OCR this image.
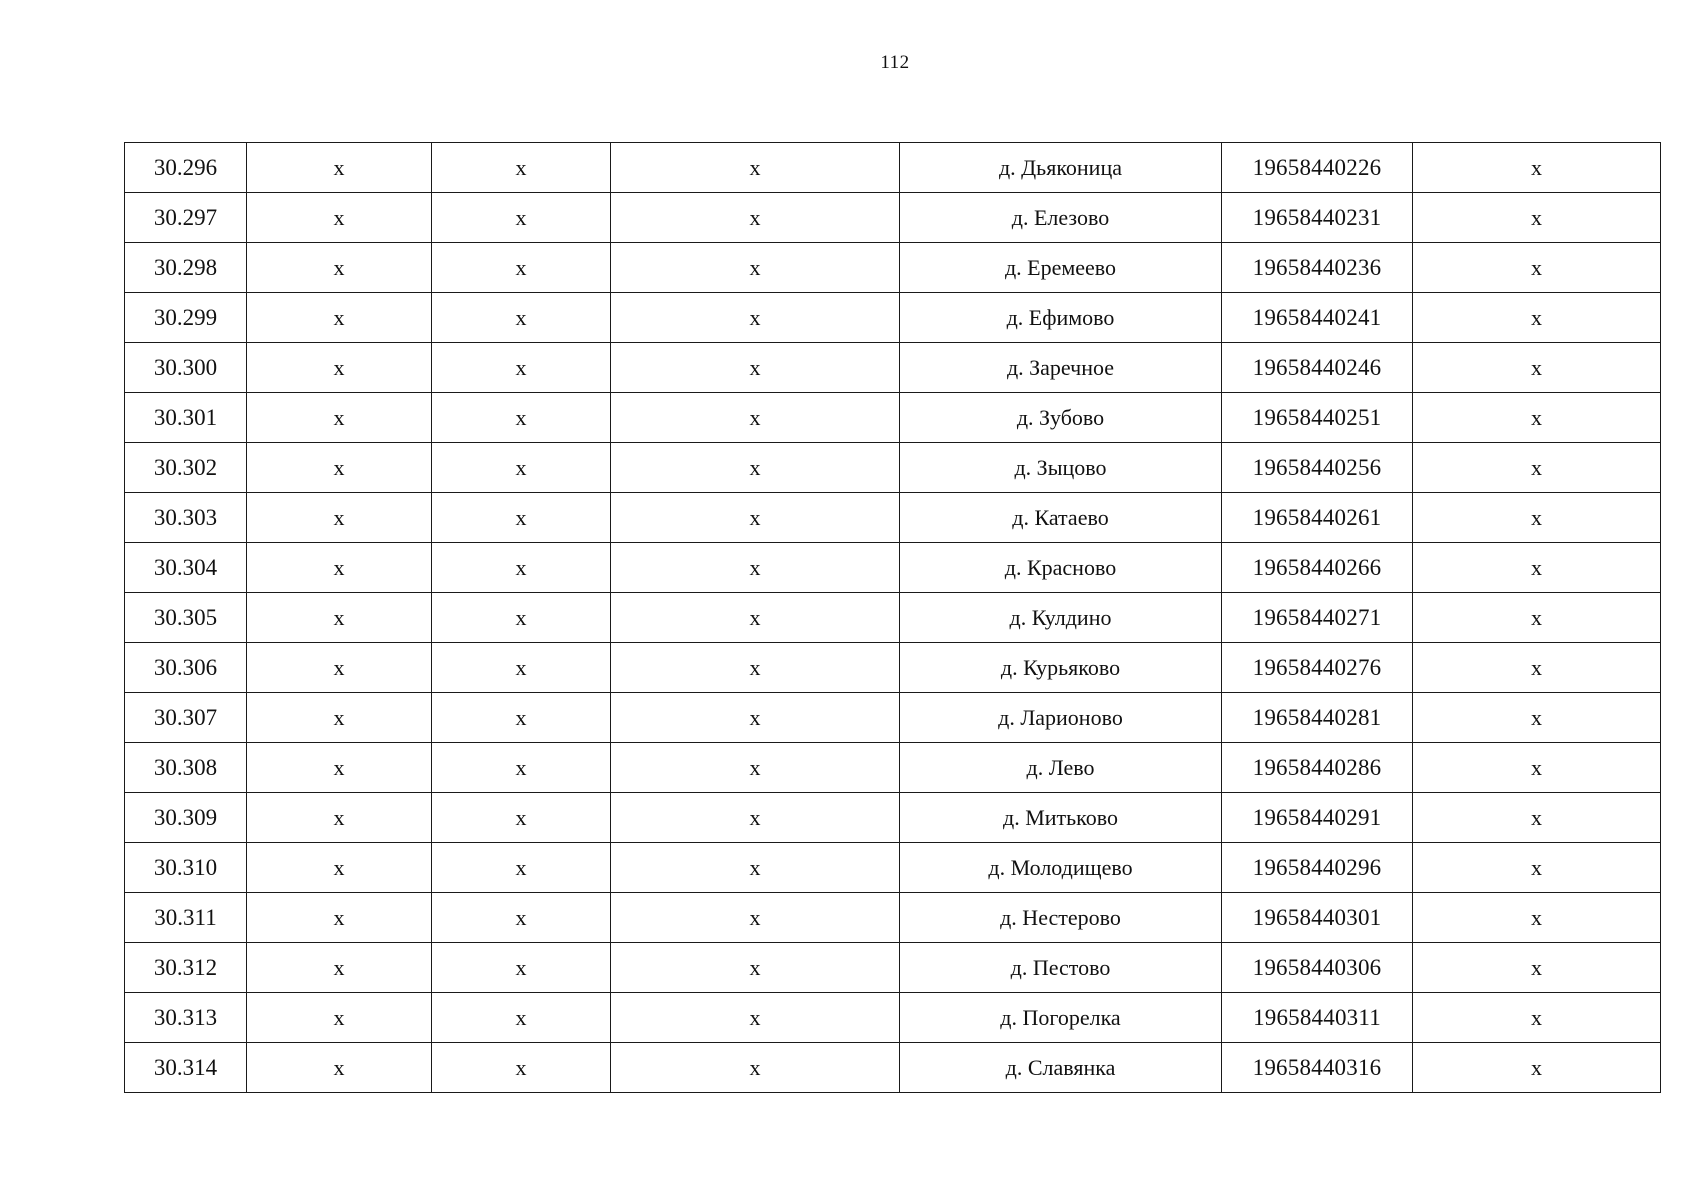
112
30.296	х	х	х	д. Дьяконица	19658440226	х
30.297	х	х	х	д. Елезово	19658440231	х
30.298	х	х	х	д. Еремеево	19658440236	х
30.299	х	х	х	д. Ефимово	19658440241	х
30.300	х	х	х	д. Заречное	19658440246	х
30.301	х	х	х	д. Зубово	19658440251	х
30.302	х	х	х	д. Зыцово	19658440256	х
30.303	х	х	х	д. Катаево	19658440261	х
30.304	х	х	х	д. Красново	19658440266	х
30.305	х	х	х	д. Кулдино	19658440271	х
30.306	х	х	х	д. Курьяково	19658440276	х
30.307	х	х	х	д. Ларионово	19658440281	х
30.308	х	х	х	д. Лево	19658440286	х
30.309	х	х	х	д. Митьково	19658440291	х
30.310	х	х	х	д. Молодищево	19658440296	х
30.311	х	х	х	д. Нестерово	19658440301	х
30.312	х	х	х	д. Пестово	19658440306	х
30.313	х	х	х	д. Погорелка	19658440311	х
30.314	х	х	х	д. Славянка	19658440316	х
